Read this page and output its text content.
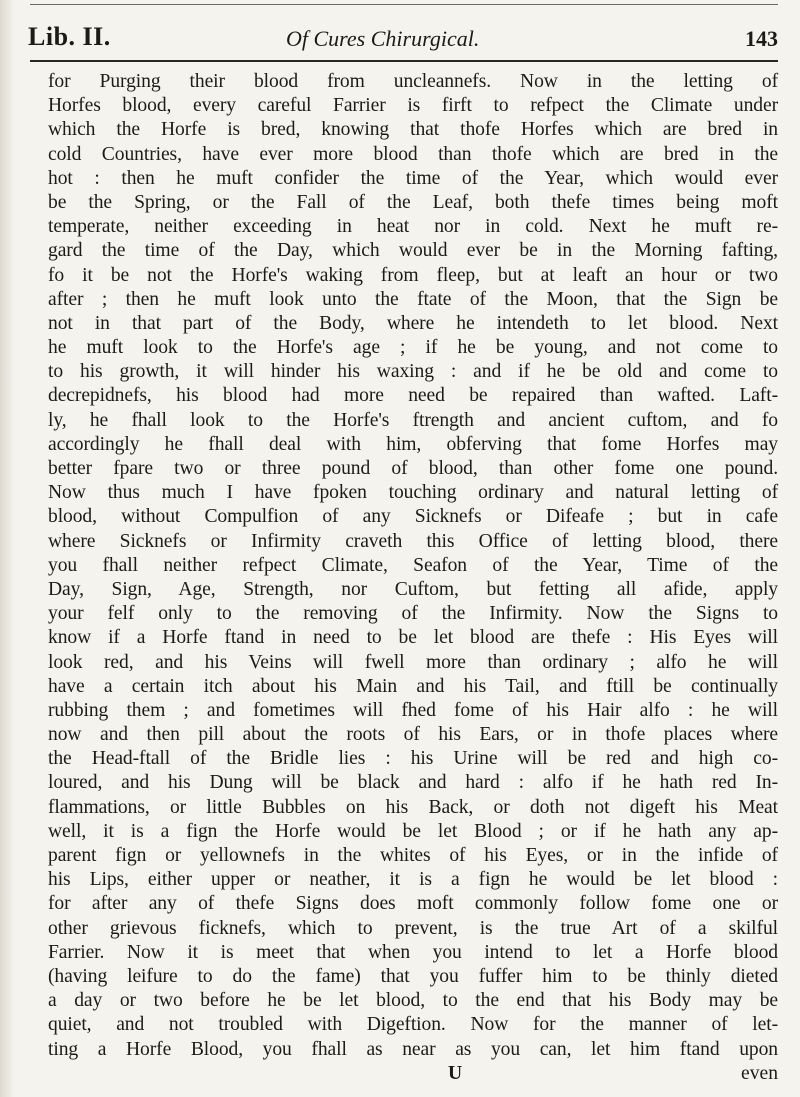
Lib. II.	Of Cures Chirurgical.	143
for Purging their blood from uncleannefs. Now in the letting of
Horfes blood, every careful Farrier is firft to refpect the Climate under
which the Horfe is bred, knowing that thofe Horfes which are bred in
cold Countries, have ever more blood than thofe which are bred in the
hot : then he muft confider the time of the Year, which would ever
be the Spring, or the Fall of the Leaf, both thefe times being moft
temperate, neither exceeding in heat nor in cold. Next he muft re-
gard the time of the Day, which would ever be in the Morning fafting,
fo it be not the Horfe's waking from fleep, but at leaft an hour or two
after ; then he muft look unto the ftate of the Moon, that the Sign be
not in that part of the Body, where he intendeth to let blood. Next
he muft look to the Horfe's age ; if he be young, and not come to
to his growth, it will hinder his waxing : and if he be old and come to
decrepidnefs, his blood had more need be repaired than wafted. Laft-
ly, he fhall look to the Horfe's ftrength and ancient cuftom, and fo
accordingly he fhall deal with him, obferving that fome Horfes may
better fpare two or three pound of blood, than other fome one pound.
Now thus much I have fpoken touching ordinary and natural letting of
blood, without Compulfion of any Sicknefs or Difeafe ; but in cafe
where Sicknefs or Infirmity craveth this Office of letting blood, there
you fhall neither refpect Climate, Seafon of the Year, Time of the
Day, Sign, Age, Strength, nor Cuftom, but fetting all afide, apply
your felf only to the removing of the Infirmity. Now the Signs to
know if a Horfe ftand in need to be let blood are thefe : His Eyes will
look red, and his Veins will fwell more than ordinary ; alfo he will
have a certain itch about his Main and his Tail, and ftill be continually
rubbing them ; and fometimes will fhed fome of his Hair alfo : he will
now and then pill about the roots of his Ears, or in thofe places where
the Head-ftall of the Bridle lies : his Urine will be red and high co-
loured, and his Dung will be black and hard : alfo if he hath red In-
flammations, or little Bubbles on his Back, or doth not digeft his Meat
well, it is a fign the Horfe would be let Blood ; or if he hath any ap-
parent fign or yellownefs in the whites of his Eyes, or in the infide of
his Lips, either upper or neather, it is a fign he would be let blood :
for after any of thefe Signs does moft commonly follow fome one or
other grievous ficknefs, which to prevent, is the true Art of a skilful
Farrier. Now it is meet that when you intend to let a Horfe blood
(having leifure to do the fame) that you fuffer him to be thinly dieted
a day or two before he be let blood, to the end that his Body may be
quiet, and not troubled with Digeftion. Now for the manner of let-
ting a Horfe Blood, you fhall as near as you can, let him ftand upon
U	even
